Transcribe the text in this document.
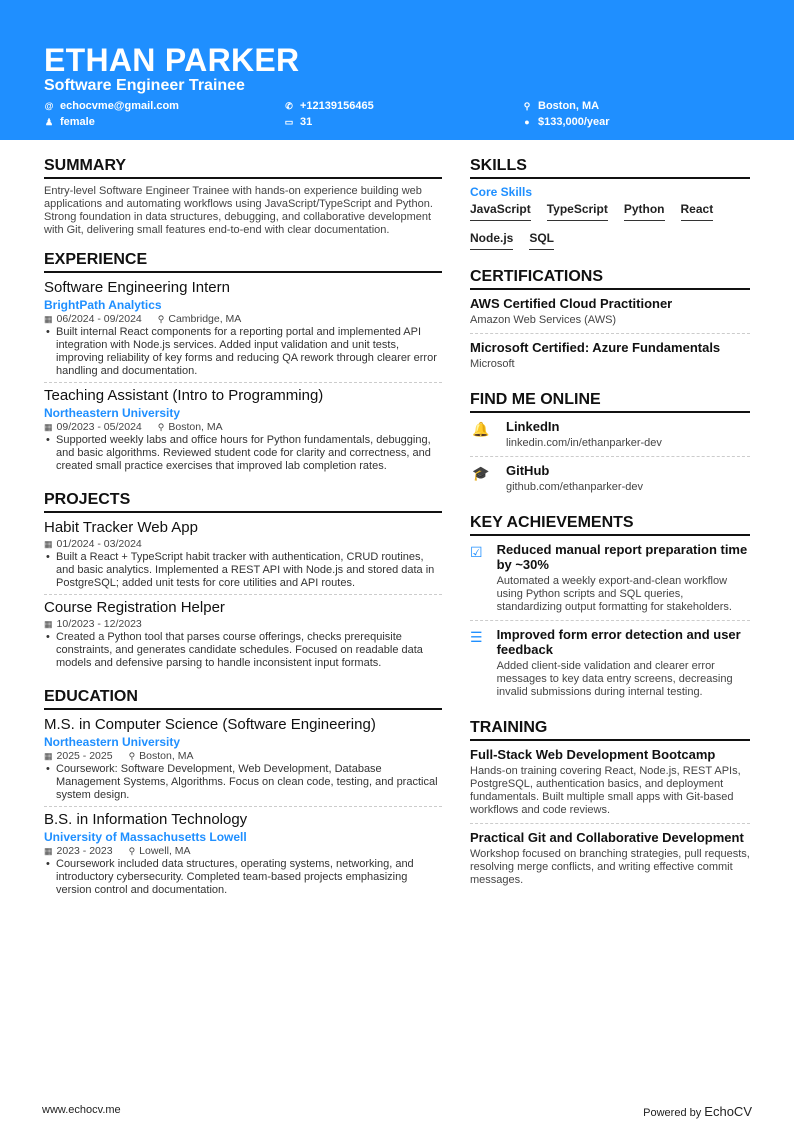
ETHAN PARKER
Software Engineer Trainee
@ echocvme@gmail.com	✆ +12139156465	⚲ Boston, MA
♟ female	▭ 31	● $133,000/year
SUMMARY
Entry-level Software Engineer Trainee with hands-on experience building web applications and automating workflows using JavaScript/TypeScript and Python. Strong foundation in data structures, debugging, and collaborative development with Git, delivering small features end-to-end with clear documentation.
EXPERIENCE
Software Engineering Intern
BrightPath Analytics
▦ 06/2024 - 09/2024 ⚲ Cambridge, MA
• Built internal React components for a reporting portal and implemented API integration with Node.js services. Added input validation and unit tests, improving reliability of key forms and reducing QA rework through clearer error handling and documentation.
Teaching Assistant (Intro to Programming)
Northeastern University
▦ 09/2023 - 05/2024 ⚲ Boston, MA
• Supported weekly labs and office hours for Python fundamentals, debugging, and basic algorithms. Reviewed student code for clarity and correctness, and created small practice exercises that improved lab completion rates.
PROJECTS
Habit Tracker Web App
▦ 01/2024 - 03/2024
• Built a React + TypeScript habit tracker with authentication, CRUD routines, and basic analytics. Implemented a REST API with Node.js and stored data in PostgreSQL; added unit tests for core utilities and API routes.
Course Registration Helper
▦ 10/2023 - 12/2023
• Created a Python tool that parses course offerings, checks prerequisite constraints, and generates candidate schedules. Focused on readable data models and defensive parsing to handle inconsistent input formats.
EDUCATION
M.S. in Computer Science (Software Engineering)
Northeastern University
▦ 2025 - 2025 ⚲ Boston, MA
• Coursework: Software Development, Web Development, Database Management Systems, Algorithms. Focus on clean code, testing, and practical system design.
B.S. in Information Technology
University of Massachusetts Lowell
▦ 2023 - 2023 ⚲ Lowell, MA
• Coursework included data structures, operating systems, networking, and introductory cybersecurity. Completed team-based projects emphasizing version control and documentation.
SKILLS
Core Skills
JavaScript TypeScript Python React
Node.js SQL
CERTIFICATIONS
AWS Certified Cloud Practitioner
Amazon Web Services (AWS)
Microsoft Certified: Azure Fundamentals
Microsoft
FIND ME ONLINE
🔔 LinkedIn
linkedin.com/in/ethanparker-dev
🎓 GitHub
github.com/ethanparker-dev
KEY ACHIEVEMENTS
☑ Reduced manual report preparation time by ~30%
Automated a weekly export-and-clean workflow using Python scripts and SQL queries, standardizing output formatting for stakeholders.
☰ Improved form error detection and user feedback
Added client-side validation and clearer error messages to key data entry screens, decreasing invalid submissions during internal testing.
TRAINING
Full-Stack Web Development Bootcamp
Hands-on training covering React, Node.js, REST APIs, PostgreSQL, authentication basics, and deployment fundamentals. Built multiple small apps with Git-based workflows and code reviews.
Practical Git and Collaborative Development
Workshop focused on branching strategies, pull requests, resolving merge conflicts, and writing effective commit messages.
www.echocv.me	Powered by EchoCV
